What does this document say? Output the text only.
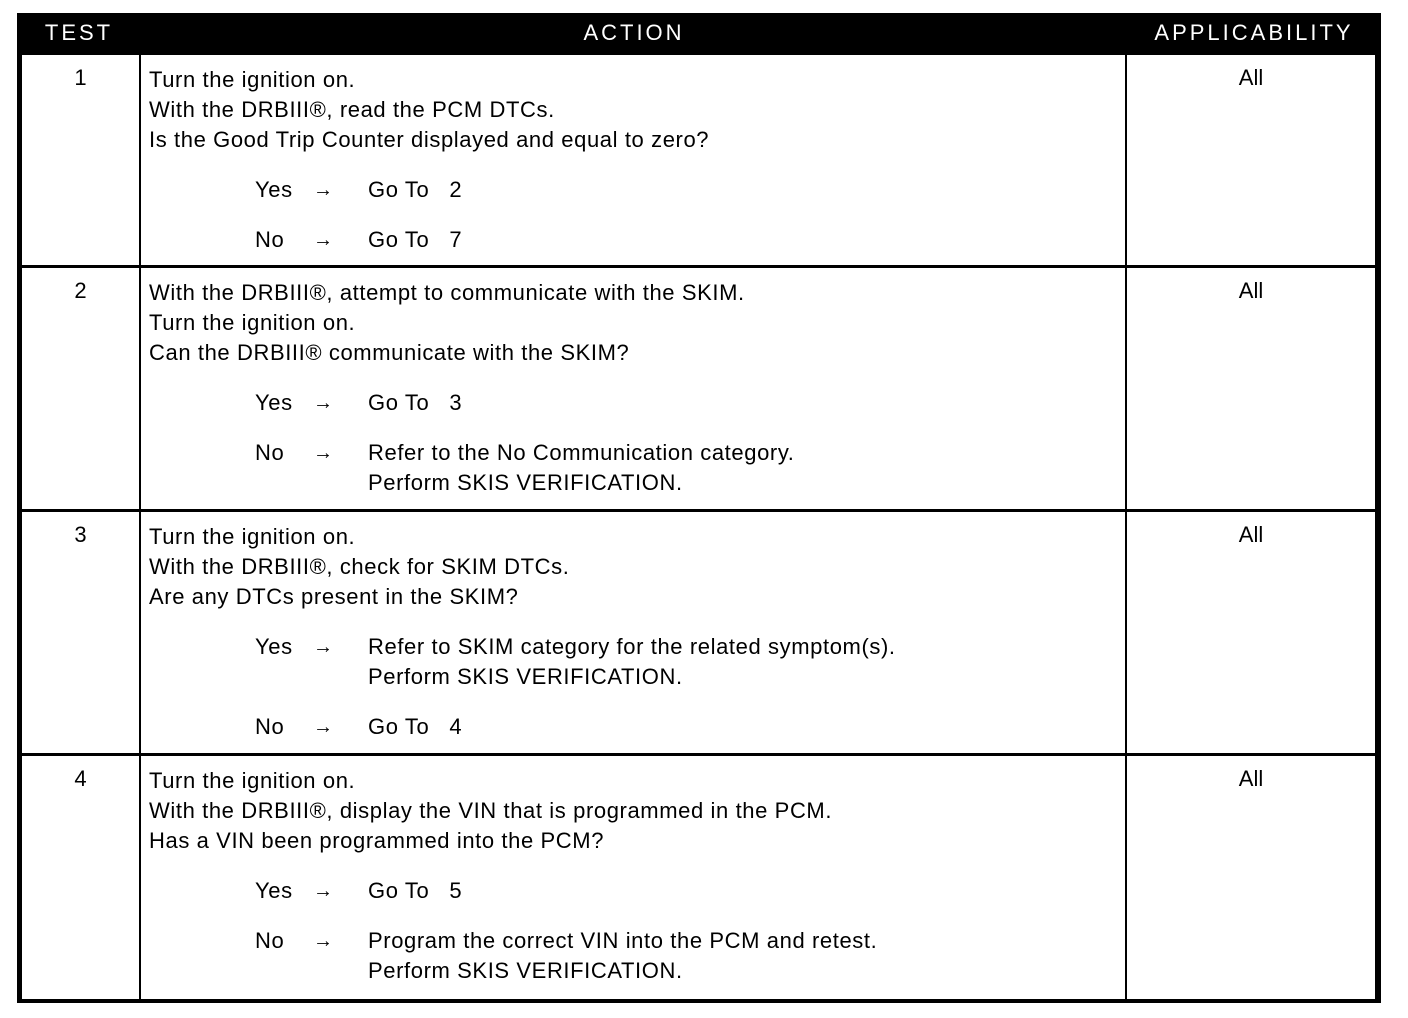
TEST	ACTION	APPLICABILITY
1	Turn the ignition on.
With the DRBIII®, read the PCM DTCs.
Is the Good Trip Counter displayed and equal to zero?
Yes	→	Go To   2
No	→	Go To   7
All
2	With the DRBIII®, attempt to communicate with the SKIM.
Turn the ignition on.
Can the DRBIII® communicate with the SKIM?
Yes	→	Go To   3
No	→	Refer to the No Communication category.
Perform SKIS VERIFICATION.
All
3	Turn the ignition on.
With the DRBIII®, check for SKIM DTCs.
Are any DTCs present in the SKIM?
Yes	→	Refer to SKIM category for the related symptom(s).
Perform SKIS VERIFICATION.
No	→	Go To   4
All
4	Turn the ignition on.
With the DRBIII®, display the VIN that is programmed in the PCM.
Has a VIN been programmed into the PCM?
Yes	→	Go To   5
No	→	Program the correct VIN into the PCM and retest.
Perform SKIS VERIFICATION.
All
